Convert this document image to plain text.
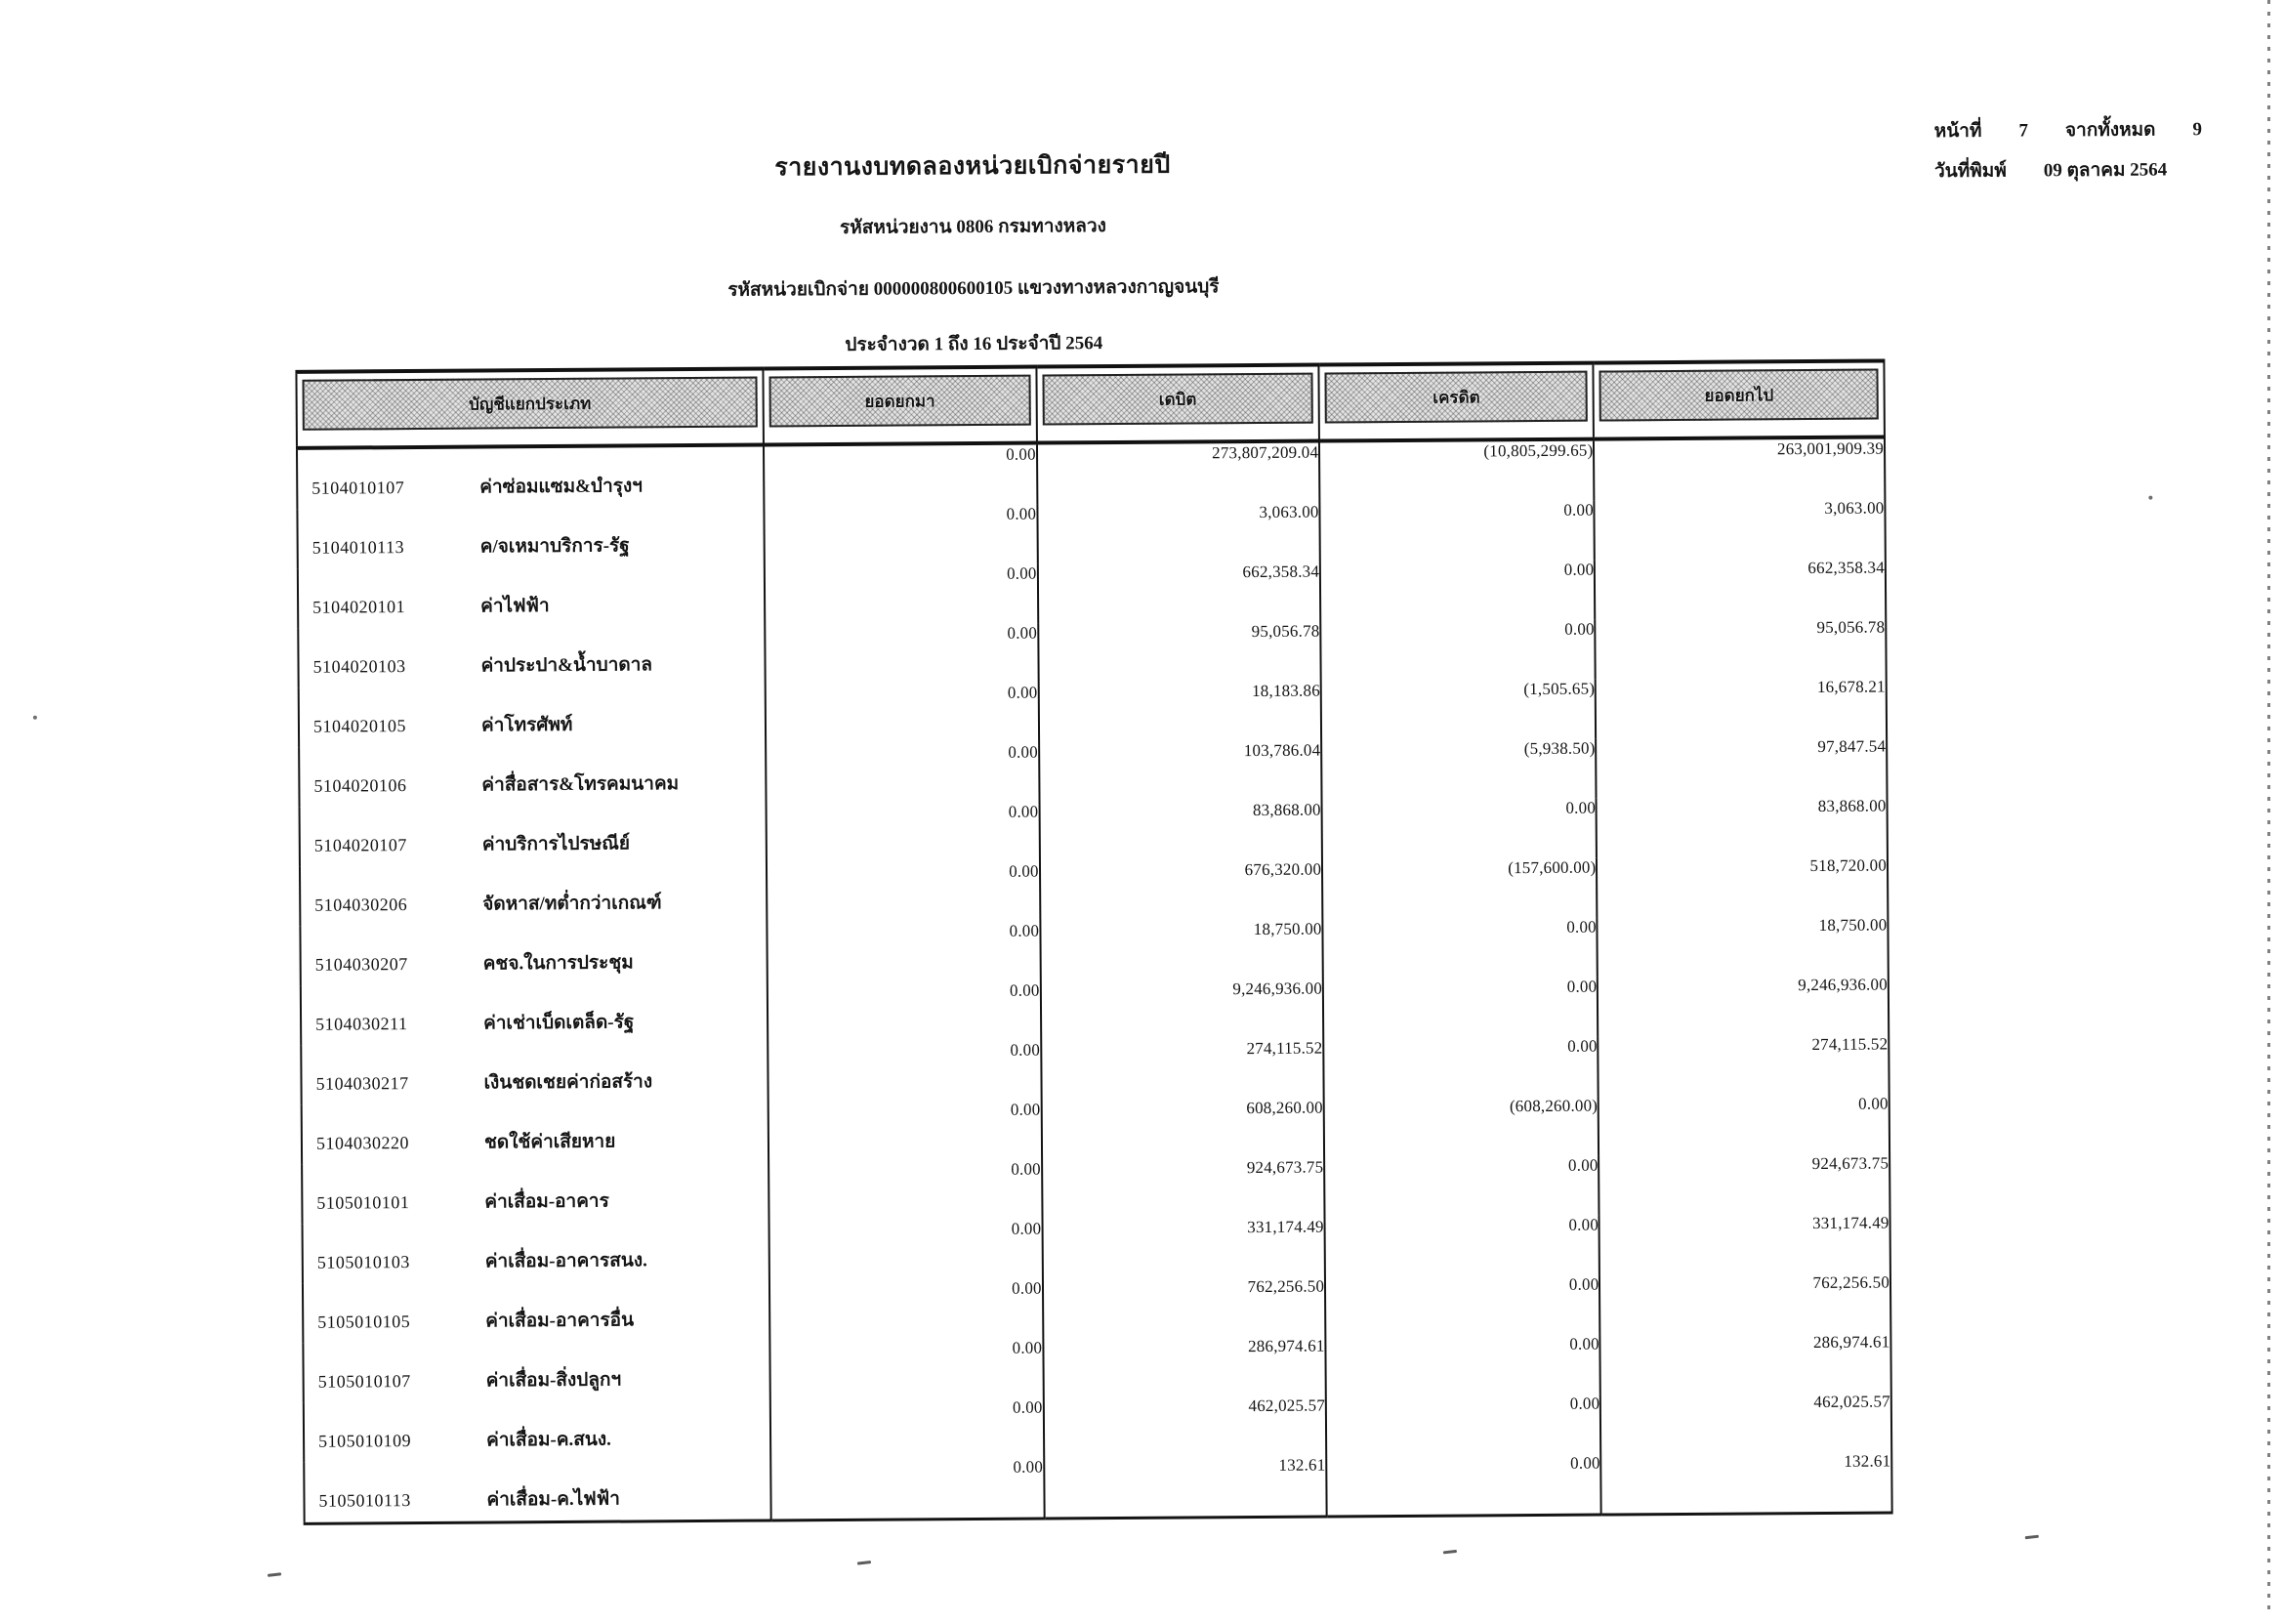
หน้าที่ 7 จากทั้งหมด 9
วันที่พิมพ์ 09 ตุลาคม 2564
รายงานงบทดลองหน่วยเบิกจ่ายรายปี
รหัสหน่วยงาน 0806 กรมทางหลวง
รหัสหน่วยเบิกจ่าย 000000800600105 แขวงทางหลวงกาญจนบุรี
ประจำงวด 1 ถึง 16 ประจำปี 2564
บัญชีแยกประเภท	ยอดยกมา	เดบิต	เครดิต	ยอดยกไป

5104010107 ค่าซ่อมแซม&บำรุงฯ	0.00	273,807,209.04	(10,805,299.65)	263,001,909.39

5104010113 ค/จเหมาบริการ-รัฐ	0.00	3,063.00	0.00	3,063.00

5104020101 ค่าไฟฟ้า	0.00	662,358.34	0.00	662,358.34

5104020103 ค่าประปา&น้ำบาดาล	0.00	95,056.78	0.00	95,056.78

5104020105 ค่าโทรศัพท์	0.00	18,183.86	(1,505.65)	16,678.21

5104020106 ค่าสื่อสาร&โทรคมนาคม	0.00	103,786.04	(5,938.50)	97,847.54

5104020107 ค่าบริการไปรษณีย์	0.00	83,868.00	0.00	83,868.00

5104030206 จัดหาส/ทต่ำกว่าเกณฑ์	0.00	676,320.00	(157,600.00)	518,720.00

5104030207 คชจ.ในการประชุม	0.00	18,750.00	0.00	18,750.00

5104030211 ค่าเช่าเบ็ดเตล็ด-รัฐ	0.00	9,246,936.00	0.00	9,246,936.00

5104030217 เงินชดเชยค่าก่อสร้าง	0.00	274,115.52	0.00	274,115.52

5104030220 ชดใช้ค่าเสียหาย	0.00	608,260.00	(608,260.00)	0.00

5105010101 ค่าเสื่อม-อาคาร	0.00	924,673.75	0.00	924,673.75

5105010103 ค่าเสื่อม-อาคารสนง.	0.00	331,174.49	0.00	331,174.49

5105010105 ค่าเสื่อม-อาคารอื่น	0.00	762,256.50	0.00	762,256.50

5105010107 ค่าเสื่อม-สิ่งปลูกฯ	0.00	286,974.61	0.00	286,974.61

5105010109 ค่าเสื่อม-ค.สนง.	0.00	462,025.57	0.00	462,025.57

5105010113 ค่าเสื่อม-ค.ไฟฟ้า	0.00	132.61	0.00	132.61
